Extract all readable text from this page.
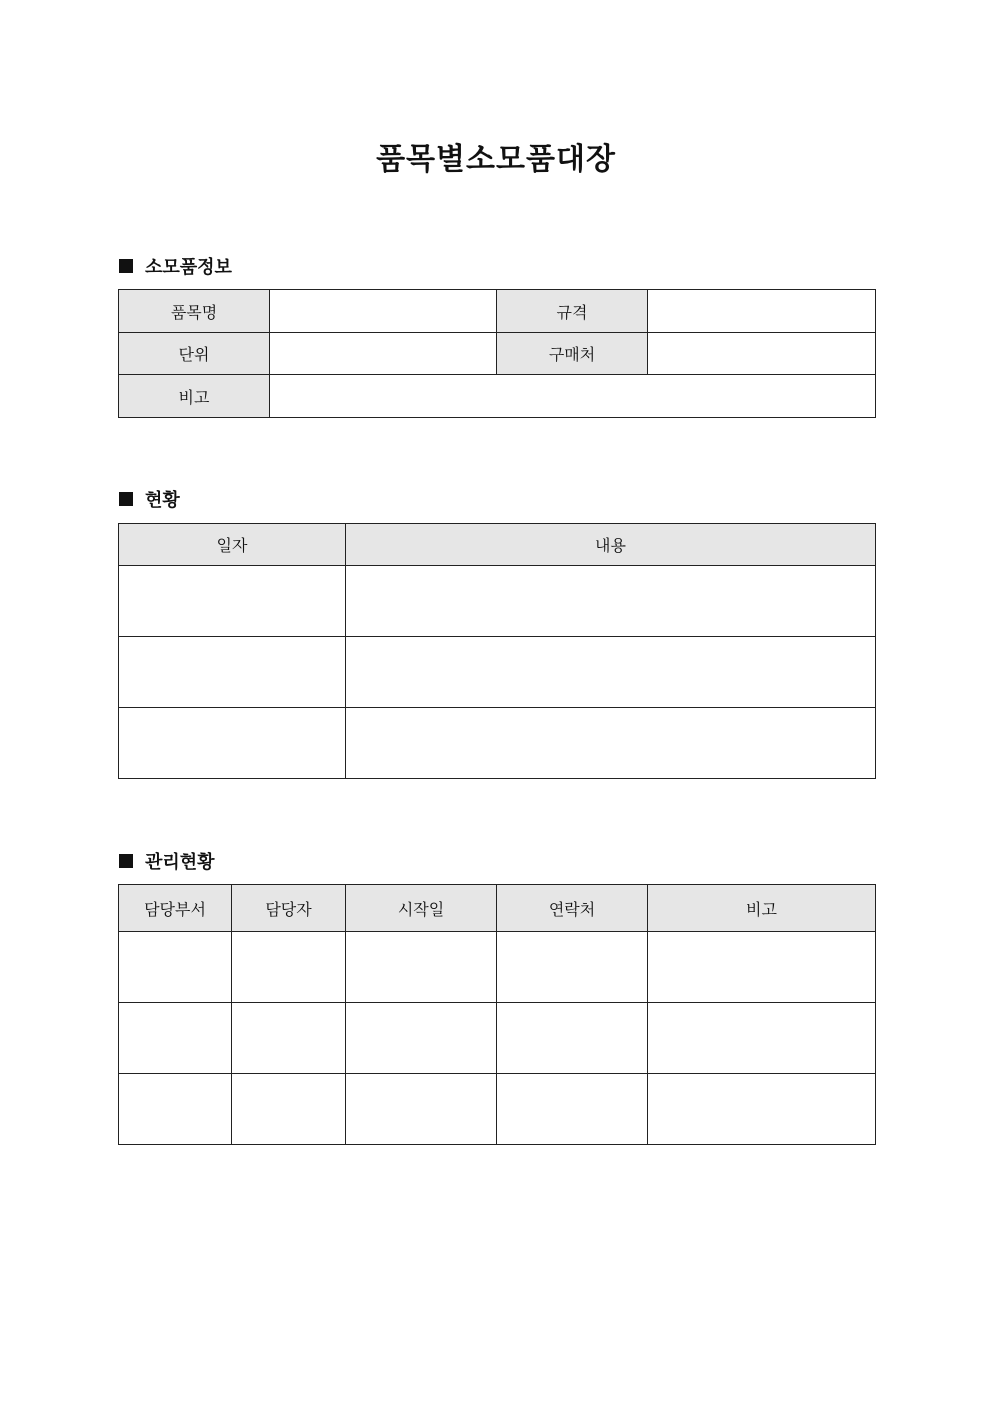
품목별소모품대장
소모품정보
품목명		규격	
단위		구매처	
비고			
현황
일자	내용

관리현황
담당부서	담당자	시작일	연락처	비고
